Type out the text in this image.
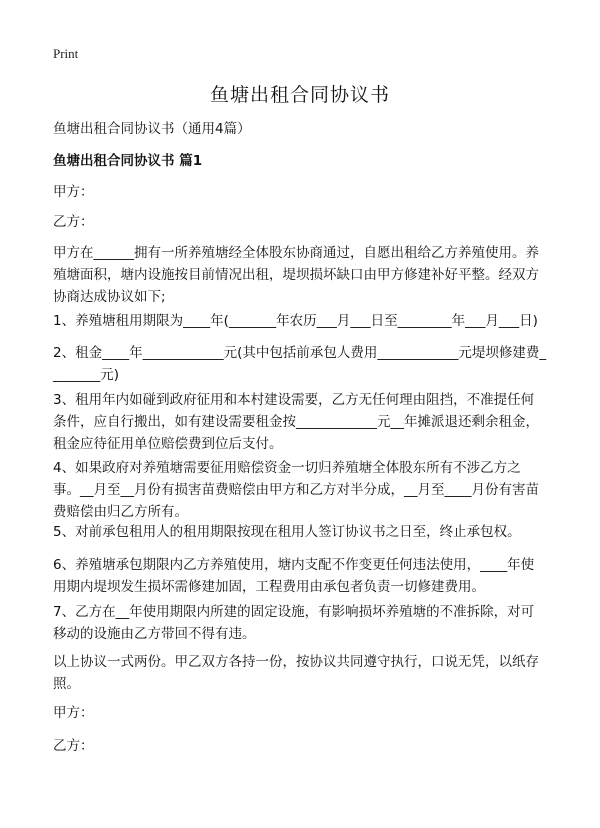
Print
鱼塘出租合同协议书

鱼塘出租合同协议书（通用4篇）

鱼塘出租合同协议书 篇1

甲方：

乙方：

甲方在______拥有一所养殖塘经全体股东协商通过，自愿出租给乙方养殖使用。养殖塘面积，塘内设施按目前情况出租，堤坝损坏缺口由甲方修建补好平整。经双方协商达成协议如下;

1、养殖塘租用期限为____年(_______年农历___月___日至________年___月___日)

2、租金____年____________元(其中包括前承包人费用____________元堤坝修建费________元)

3、租用年内如碰到政府征用和本村建设需要，乙方无任何理由阻挡，不准提任何条件，应自行搬出，如有建设需要租金按____________元__年摊派退还剩余租金，租金应待征用单位赔偿费到位后支付。

4、如果政府对养殖塘需要征用赔偿资金一切归养殖塘全体股东所有不涉乙方之事。__月至__月份有损害苗费赔偿由甲方和乙方对半分成，__月至____月份有害苗费赔偿由归乙方所有。

5、对前承包租用人的租用期限按现在租用人签订协议书之日至，终止承包权。

6、养殖塘承包期限内乙方养殖使用，塘内支配不作变更任何违法使用，____年使用期内堤坝发生损坏需修建加固，工程费用由承包者负责一切修建费用。

7、乙方在__年使用期限内所建的固定设施，有影响损坏养殖塘的不准拆除，对可移动的设施由乙方带回不得有违。

以上协议一式两份。甲乙双方各持一份，按协议共同遵守执行，口说无凭，以纸存照。

甲方：

乙方：
